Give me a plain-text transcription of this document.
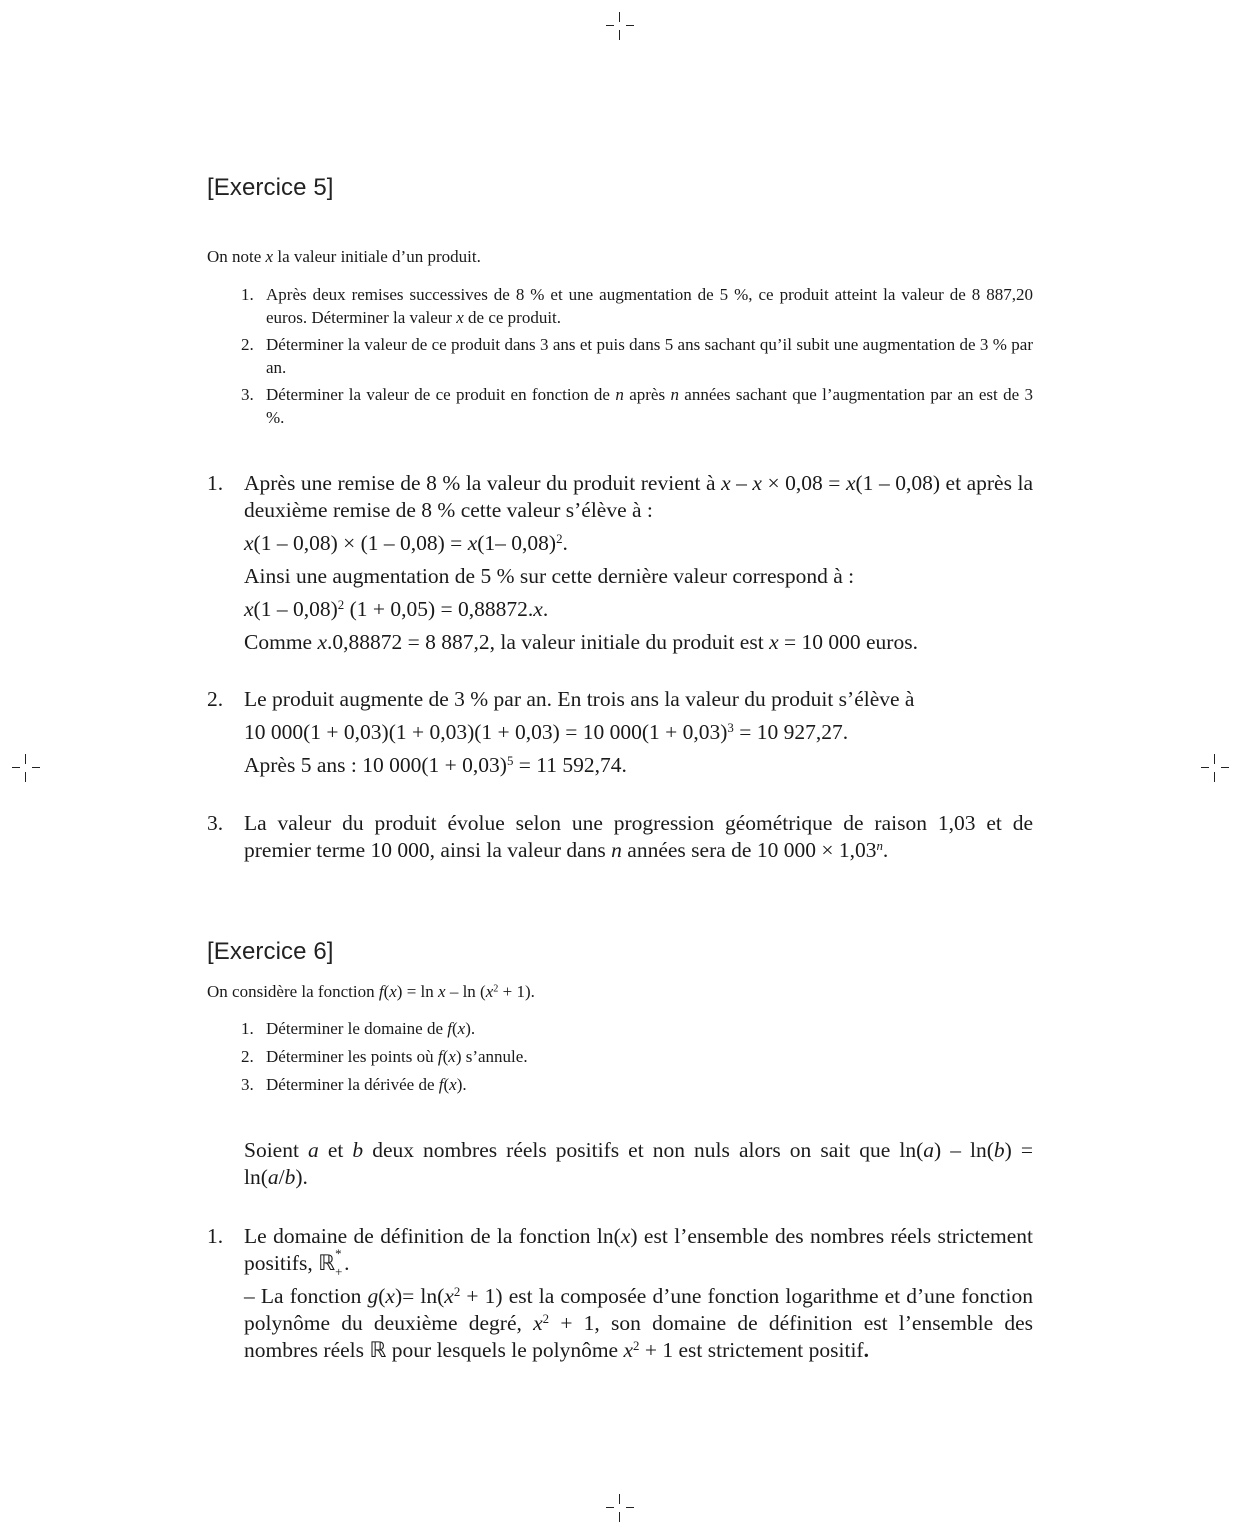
[Exercice 5]
On note x la valeur initiale d’un produit.
1. Après deux remises successives de 8 % et une augmentation de 5 %, ce produit atteint la valeur de 8 887,20 euros. Déterminer la valeur x de ce produit.
2. Déterminer la valeur de ce produit dans 3 ans et puis dans 5 ans sachant qu’il subit une augmentation de 3 % par an.
3. Déterminer la valeur de ce produit en fonction de n après n années sachant que l’augmentation par an est de 3 %.
1. Après une remise de 8 % la valeur du produit revient à x – x × 0,08 = x(1 – 0,08) et après la deuxième remise de 8 % cette valeur s’élève à :

x(1 – 0,08) × (1 – 0,08) = x(1– 0,08)$^2$.

Ainsi une augmentation de 5 % sur cette dernière valeur correspond à :

x(1 – 0,08)$^2$ (1 + 0,05) = 0,88872.x.

Comme x.0,88872 = 8 887,2, la valeur initiale du produit est x = 10 000 euros.

2. Le produit augmente de 3 % par an. En trois ans la valeur du produit s’élève à

10 000(1 + 0,03)(1 + 0,03)(1 + 0,03) = 10 $000(1 + 0,03)^3 = 10$ 927,27.

Après 5 ans : 10 $000(1 + 0,03)^5 = 11$ 592,74.

3. La valeur du produit évolue selon une progression géométrique de raison 1,03 et de premier terme 10 000, ainsi la valeur dans n années sera de 10 $000 \times 1,03^n$.

[Exercice 6]
On considère la fonction $f(x) = \ln x - \ln (x^2 + 1)$.
1. Déterminer le domaine de f(x).
2. Déterminer les points où f(x) s’annule.
3. Déterminer la dérivée de f(x).

Soient a et b deux nombres réels positifs et non nuls alors on sait que ln(a) – ln(b) = ln(a/b).

1. Le domaine de définition de la fonction ln(x) est l’ensemble des nombres réels strictement positifs, ℝ *
+ .

– La fonction $g(x)= \ln(x^2 + 1)$ est la composée d’une fonction logarithme et d’une fonction polynôme du deuxième degré, $x^2 + 1$, son domaine de définition est l’ensemble des nombres réels ℝ pour lesquels le polynôme $x^2 + 1$ est strictement positif.
